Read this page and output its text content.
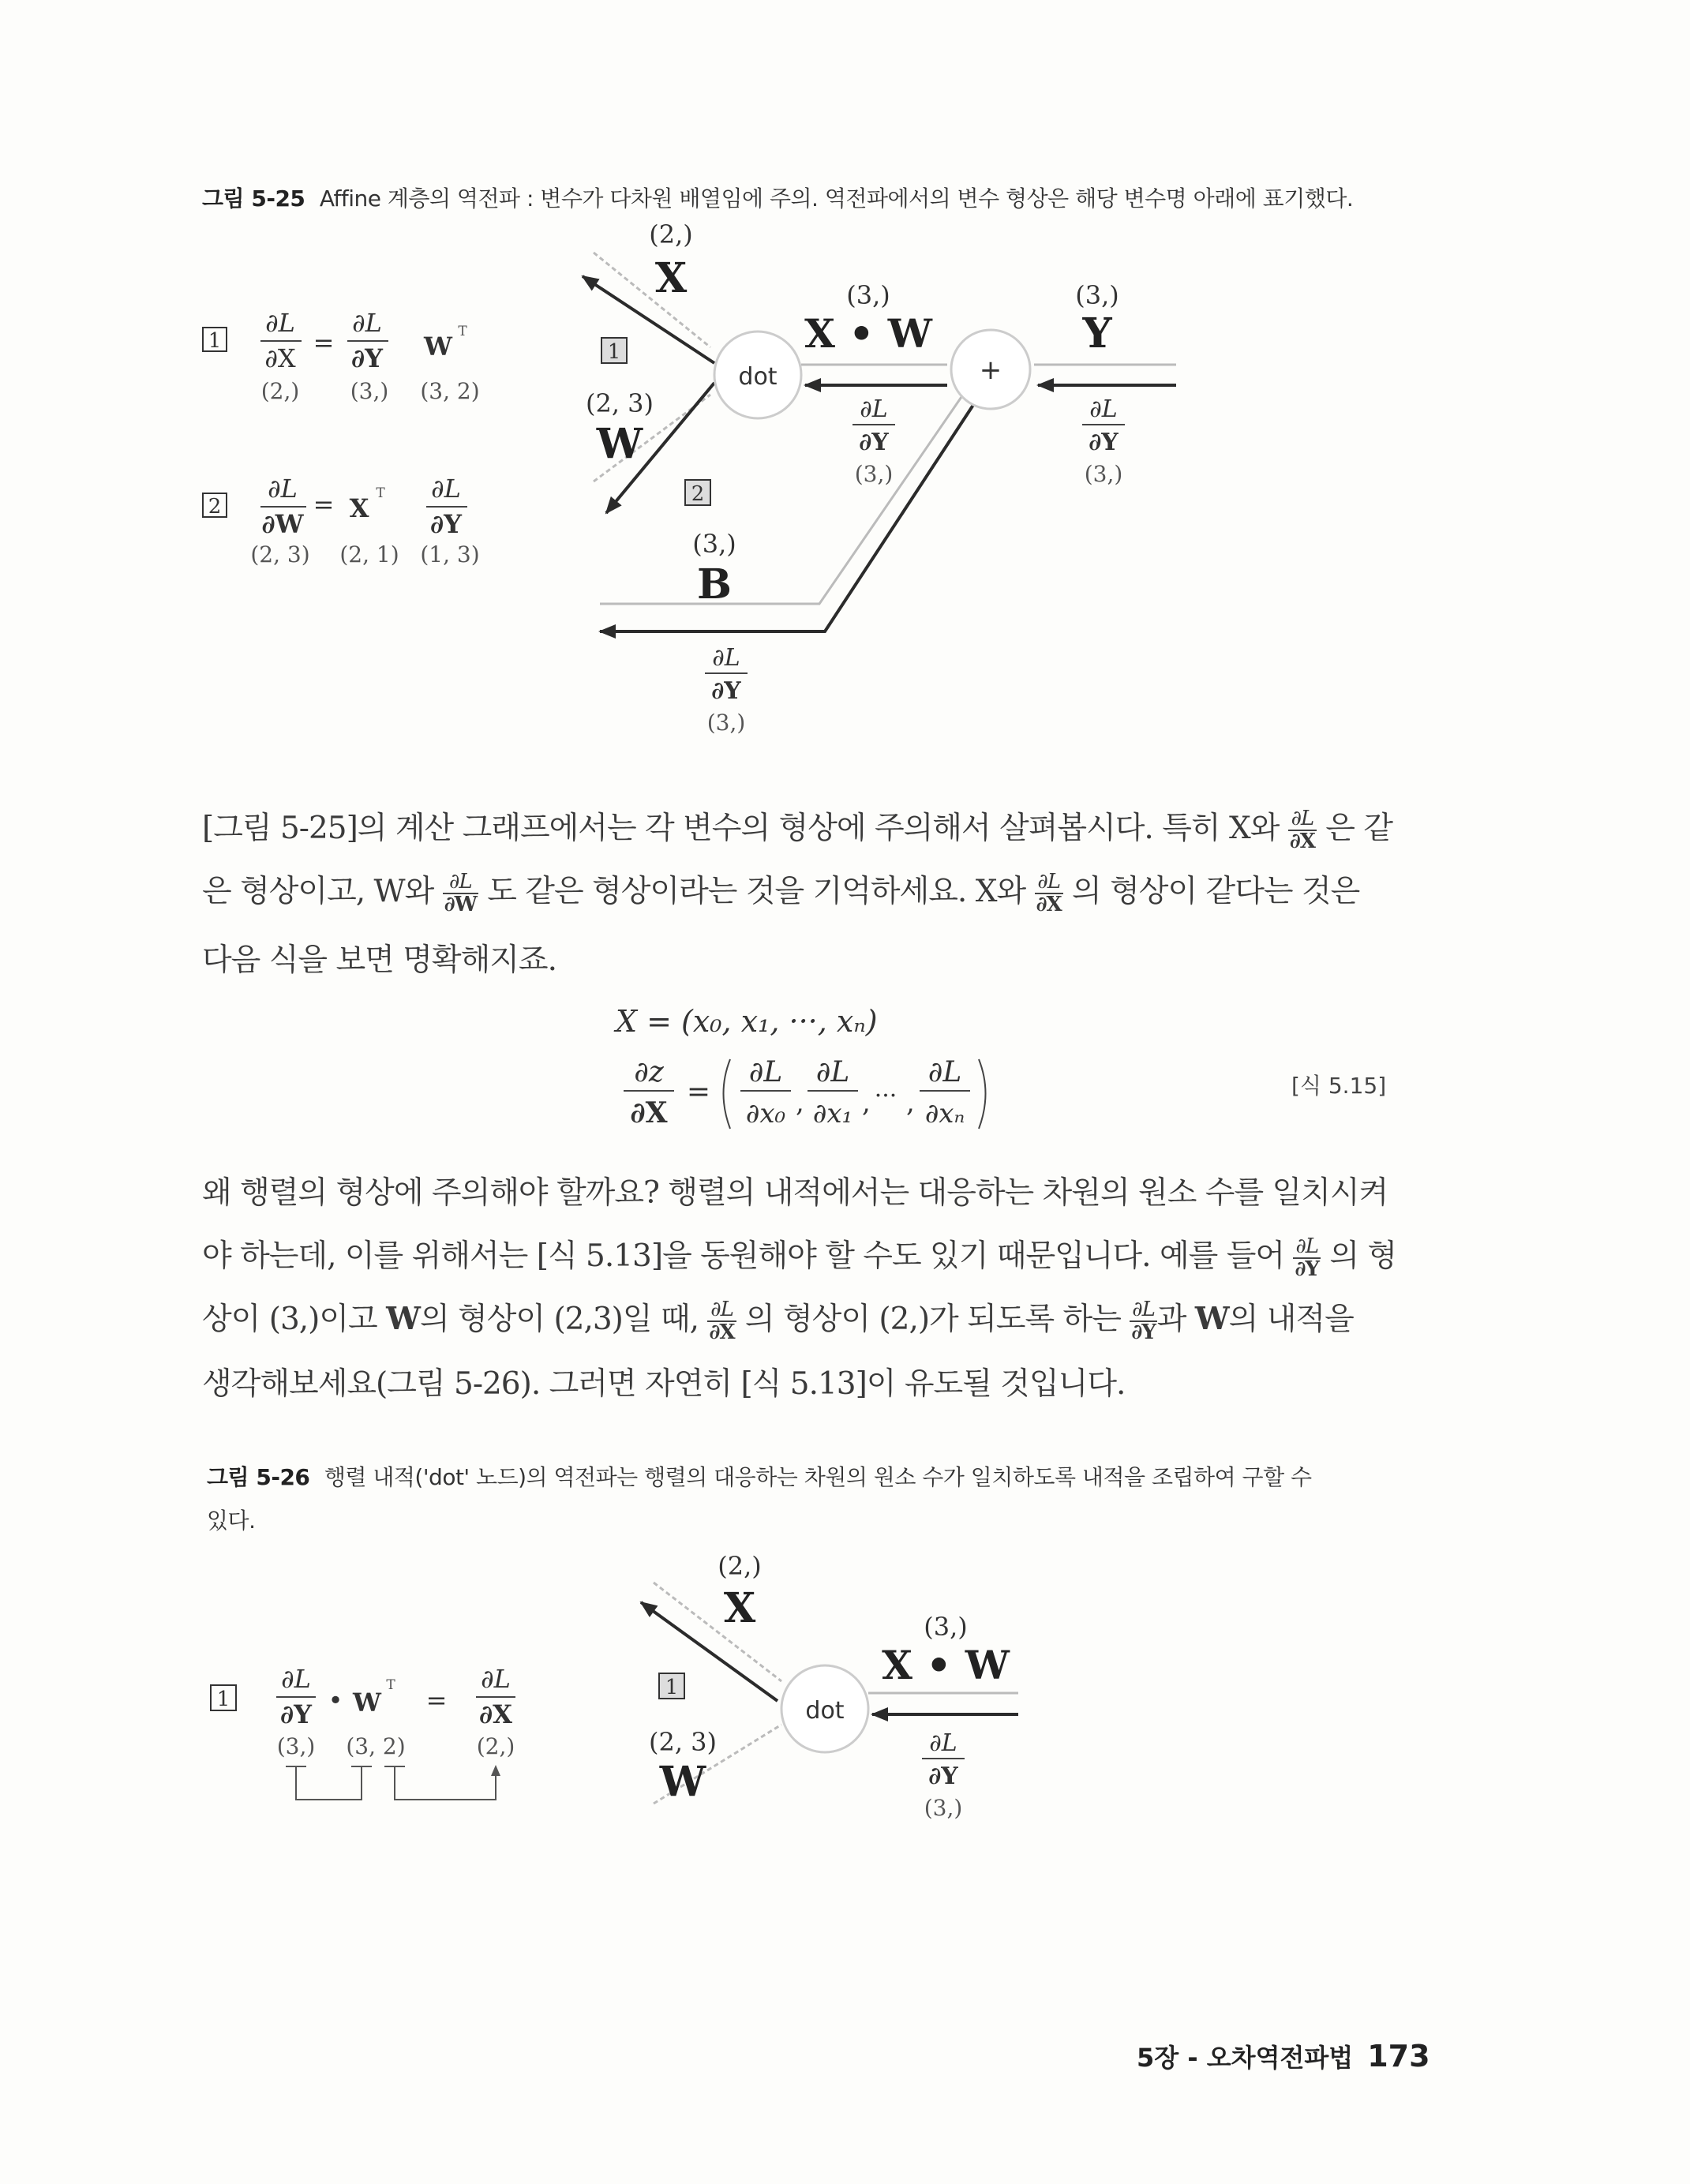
그림 5-25 Affine 계층의 역전파 : 변수가 다차원 배열임에 주의. 역전파에서의 변수 형상은 해당 변수명 아래에 표기했다.
1
∂L
∂X
=
∂L
∂Y W T
(2,) (3,) (3, 2)
2
∂L
∂W
= X T ∂L
∂Y
(2, 3) (2, 1) (1, 3)
dot	+
(2,)
X
(2, 3)
W
(3,)
X • W
(3,)
Y
(3,)
B
1
2
∂L
∂Y
(3,)
∂L
∂Y
(3,)
∂L
∂Y
(3,)
[그림 5-25]의 계산 그래프에서는 각 변수의 형상에 주의해서 살펴봅시다. 특히 X와 $\frac{\partial L}{\partial X}$ 은 같
은 형상이고, W와 $\frac{\partial L}{\partial W}$ 도 같은 형상이라는 것을 기억하세요. X와 $\frac{\partial L}{\partial X}$ 의 형상이 같다는 것은
다음 식을 보면 명확해지죠.
X = (x₀, x₁, ···, xₙ)
∂z
∂X
=
∂L
∂x₀ ,
∂L
∂x₁ , ··· ,
∂L
∂xₙ
[식 5.15]
왜 행렬의 형상에 주의해야 할까요? 행렬의 내적에서는 대응하는 차원의 원소 수를 일치시켜
야 하는데, 이를 위해서는 [식 5.13]을 동원해야 할 수도 있기 때문입니다. 예를 들어 $\frac{\partial L}{\partial Y}$ 의 형
상이 (3,)이고 W의 형상이 (2,3)일 때, $\frac{\partial L}{\partial X}$ 의 형상이 (2,)가 되도록 하는 $\frac{\partial L}{\partial Y}$ 과 W의 내적을
생각해보세요(그림 5-26). 그러면 자연히 [식 5.13]이 유도될 것입니다.
그림 5-26 행렬 내적('dot' 노드)의 역전파는 행렬의 대응하는 차원의 원소 수가 일치하도록 내적을 조립하여 구할 수
있다.
1
∂L
∂Y • W
T =
∂L
∂X
(3,) (3, 2)	(2,)
dot
(2,)
X
(2, 3)
W
(3,)
X • W
1
∂L
∂Y
(3,)
5장 - 오차역전파법 173
